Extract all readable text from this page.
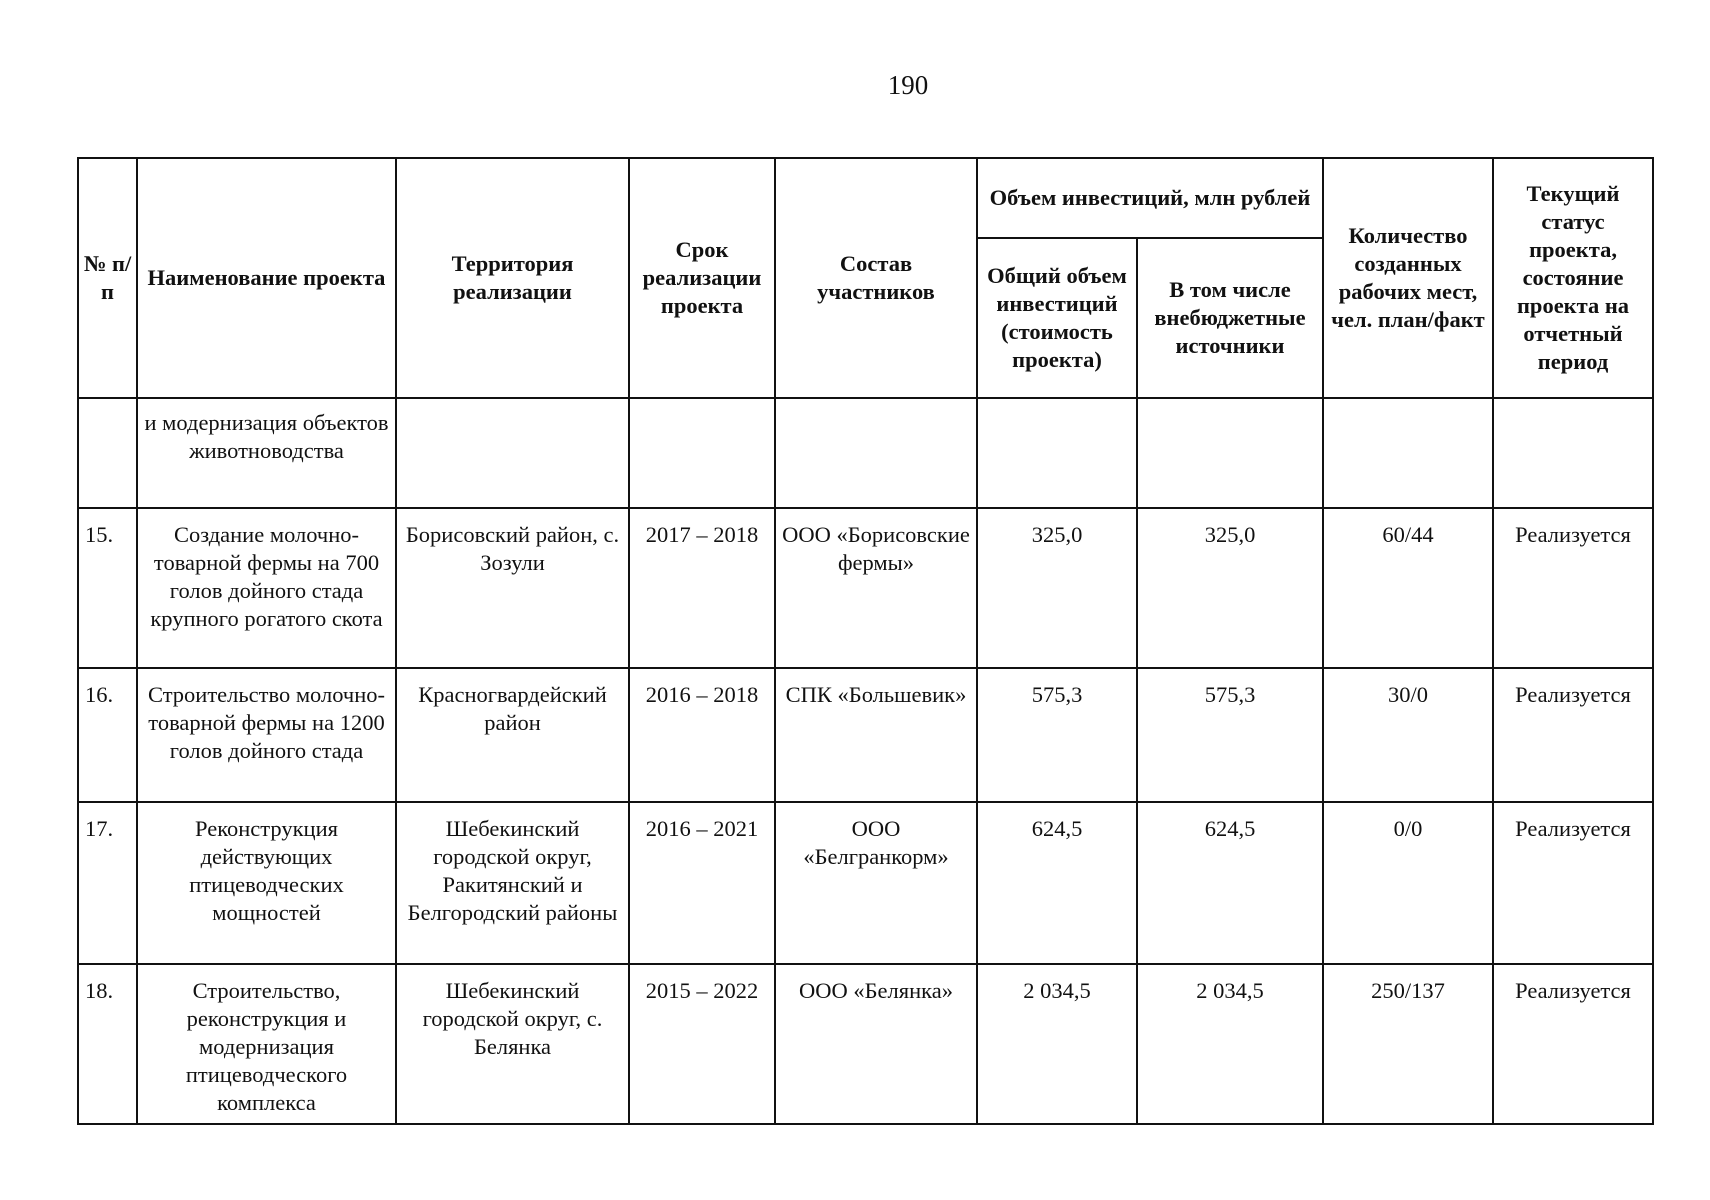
190
№ п/п	Наименование проекта	Территория реализации	Срок реализации проекта	Состав участников	Объем инвестиций, млн рублей		Количество созданных рабочих мест, чел. план/факт	Текущий статус проекта, состояние проекта на отчетный период
					Общий объем инвестиций (стоимость проекта)	В том числе внебюджетные источники		

	и модернизация объектов животноводства							

15.	Создание молочно-товарной фермы на 700 голов дойного стада крупного рогатого скота	Борисовский район, с. Зозули	2017 – 2018	ООО «Борисовские фермы»	325,0	325,0	60/44	Реализуется

16.	Строительство молочно-товарной фермы на 1200 голов дойного стада	Красногвардейский район	2016 – 2018	СПК «Большевик»	575,3	575,3	30/0	Реализуется

17.	Реконструкция действующих птицеводческих мощностей	Шебекинский городской округ, Ракитянский и Белгородский районы	2016 – 2021	ООО «Белгранкорм»	624,5	624,5	0/0	Реализуется

18.	Строительство, реконструкция и модернизация птицеводческого комплекса	Шебекинский городской округ, с. Белянка	2015 – 2022	ООО «Белянка»	2 034,5	2 034,5	250/137	Реализуется
